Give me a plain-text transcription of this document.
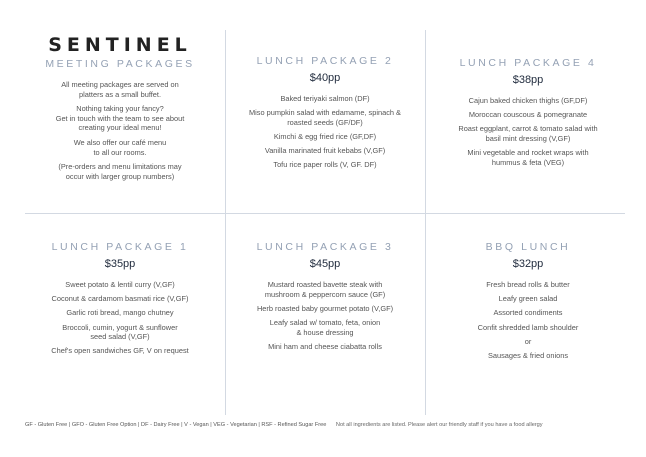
SENTINEL
MEETING PACKAGES
All meeting packages are served on
platters as a small buffet.
Nothing taking your fancy?
Get in touch with the team to see about
creating your ideal menu!
We also offer our café menu
to all our rooms.
(Pre-orders and menu limitations may
occur with larger group numbers)
LUNCH PACKAGE 2
$40pp
Baked teriyaki salmon (DF)
Miso pumpkin salad with edamame, spinach &
roasted seeds (GF/DF)
Kimchi & egg fried rice (GF,DF)
Vanilla marinated fruit kebabs (V,GF)
Tofu rice paper rolls (V, GF. DF)
LUNCH PACKAGE 4
$38pp
Cajun baked chicken thighs (GF,DF)
Moroccan couscous & pomegranate
Roast eggplant, carrot & tomato salad with
basil mint dressing (V,GF)
Mini vegetable and rocket wraps with
hummus & feta (VEG)
LUNCH PACKAGE 1
$35pp
Sweet potato & lentil curry (V,GF)
Coconut & cardamom basmati rice (V,GF)
Garlic roti bread, mango chutney
Broccoli, cumin, yogurt & sunflower
seed salad (V,GF)
Chef's open sandwiches GF, V on request
LUNCH PACKAGE 3
$45pp
Mustard roasted bavette steak with
mushroom & peppercorn sauce (GF)
Herb roasted baby gourmet potato (V,GF)
Leafy salad w/ tomato, feta, onion
& house dressing
Mini ham and cheese ciabatta rolls
BBQ LUNCH
$32pp
Fresh bread rolls & butter
Leafy green salad
Assorted condiments
Confit shredded lamb shoulder
or
Sausages & fried onions
GF - Gluten Free | GFO - Gluten Free Option | DF - Dairy Free | V - Vegan | VEG - Vegetarian | RSF - Refined Sugar Free Not all ingredients are listed. Please alert our friendly staff if you have a food allergy
